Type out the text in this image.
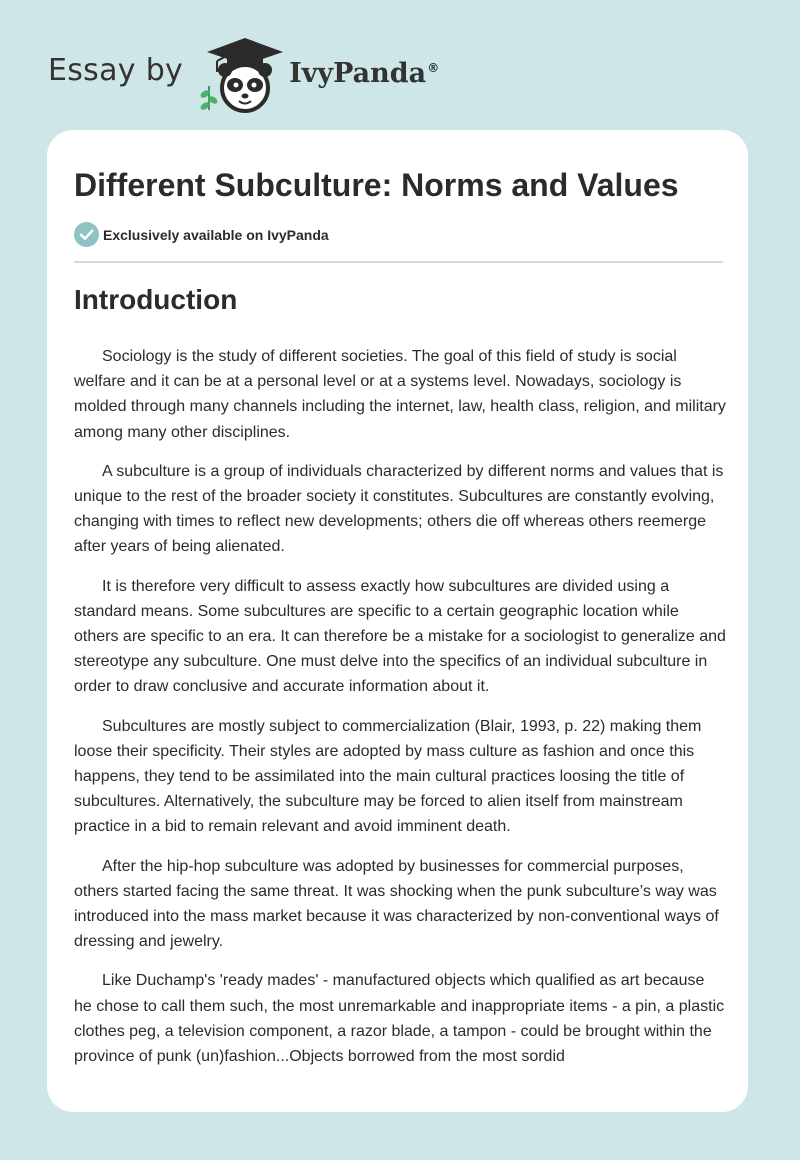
Essay by	IvyPanda®
Different Subculture: Norms and Values
Exclusively available on IvyPanda
Introduction

Sociology is the study of different societies. The goal of this field of study is social welfare and it can be at a personal level or at a systems level. Nowadays, sociology is molded through many channels including the internet, law, health class, religion, and military among many other disciplines.

A subculture is a group of individuals characterized by different norms and values that is unique to the rest of the broader society it constitutes. Subcultures are constantly evolving, changing with times to reflect new developments; others die off whereas others reemerge after years of being alienated.

It is therefore very difficult to assess exactly how subcultures are divided using a standard means. Some subcultures are specific to a certain geographic location while others are specific to an era. It can therefore be a mistake for a sociologist to generalize and stereotype any subculture. One must delve into the specifics of an individual subculture in order to draw conclusive and accurate information about it.

Subcultures are mostly subject to commercialization (Blair, 1993, p. 22) making them loose their specificity. Their styles are adopted by mass culture as fashion and once this happens, they tend to be assimilated into the main cultural practices loosing the title of subcultures. Alternatively, the subculture may be forced to alien itself from mainstream practice in a bid to remain relevant and avoid imminent death.

After the hip-hop subculture was adopted by businesses for commercial purposes, others started facing the same threat. It was shocking when the punk subculture’s way was introduced into the mass market because it was characterized by non-conventional ways of dressing and jewelry.

Like Duchamp's 'ready mades' - manufactured objects which qualified as art because he chose to call them such, the most unremarkable and inappropriate items - a pin, a plastic clothes peg, a television component, a razor blade, a tampon - could be brought within the province of punk (un)fashion...Objects borrowed from the most sordid
